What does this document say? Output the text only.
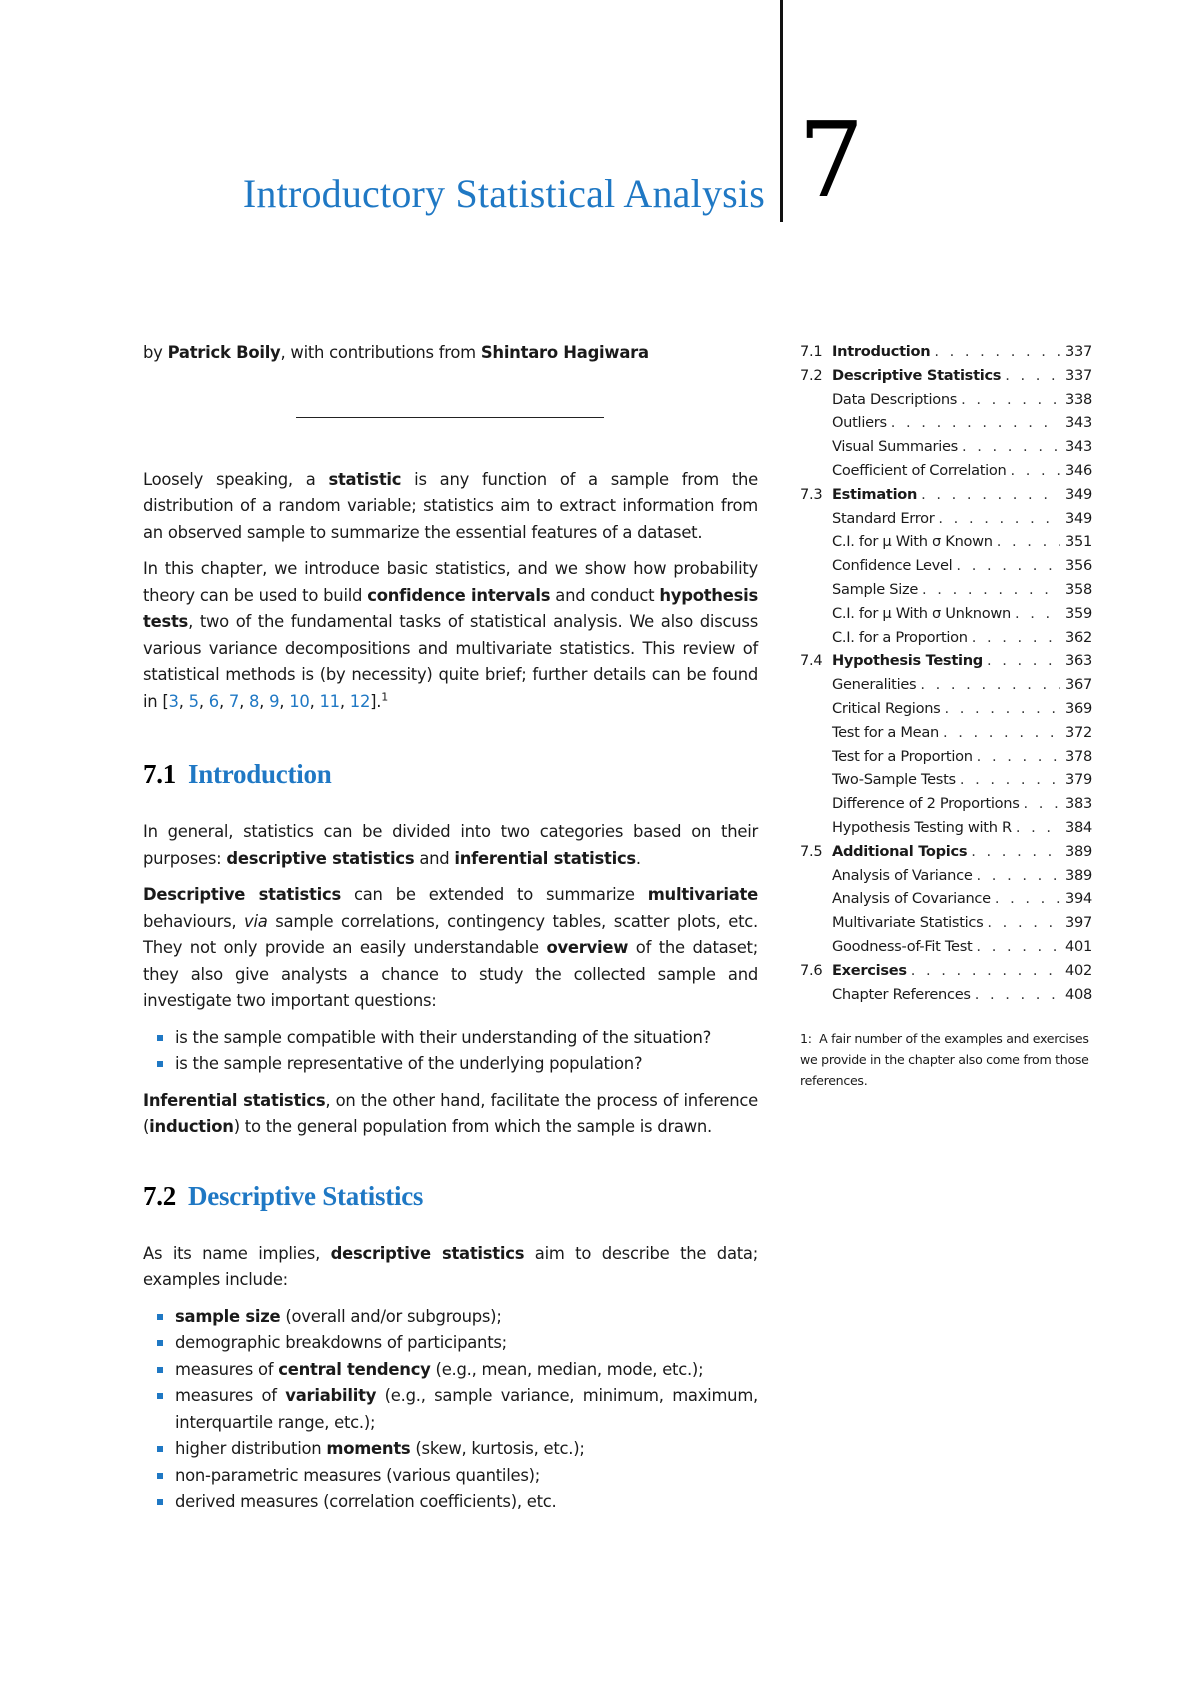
Introductory Statistical Analysis 7

by Patrick Boily, with contributions from Shintaro Hagiwara

Loosely speaking, a statistic is any function of a sample from the distribution of a random variable; statistics aim to extract information from an observed sample to summarize the essential features of a dataset.

In this chapter, we introduce basic statistics, and we show how probability theory can be used to build confidence intervals and conduct hypothesis tests, two of the fundamental tasks of statistical analysis. We also discuss various variance decompositions and multivariate statistics. This review of statistical methods is (by necessity) quite brief; further details can be found in [3, 5, 6, 7, 8, 9, 10, 11, 12].$^1$

7.1 Introduction

In general, statistics can be divided into two categories based on their purposes: descriptive statistics and inferential statistics.

Descriptive statistics can be extended to summarize multivariate behaviours, via sample correlations, contingency tables, scatter plots, etc. They not only provide an easily understandable overview of the dataset; they also give analysts a chance to study the collected sample and investigate two important questions:

is the sample compatible with their understanding of the situation?
is the sample representative of the underlying population?

Inferential statistics, on the other hand, facilitate the process of inference (induction) to the general population from which the sample is drawn.

7.2 Descriptive Statistics

As its name implies, descriptive statistics aim to describe the data; examples include:

sample size (overall and/or subgroups);
demographic breakdowns of participants;
measures of central tendency (e.g., mean, median, mode, etc.);
measures of variability (e.g., sample variance, minimum, maximum, interquartile range, etc.);
higher distribution moments (skew, kurtosis, etc.);
non-parametric measures (various quantiles);
derived measures (correlation coefficients), etc.
7.1 Introduction . . .	337
7.2 Descriptive Statistics . . .	337
Data Descriptions . . .	338
Outliers . . .	343
Visual Summaries . . .	343
Coefficient of Correlation . . .	346
7.3 Estimation . . .	349
Standard Error . . .	349
C.I. for μ With σ Known . . .	351
Confidence Level . . .	356
Sample Size . . .	358
C.I. for μ With σ Unknown . . .	359
C.I. for a Proportion . . .	362
7.4 Hypothesis Testing . . .	363
Generalities . . .	367
Critical Regions . . .	369
Test for a Mean . . .	372
Test for a Proportion . . .	378
Two-Sample Tests . . .	379
Difference of 2 Proportions . . .	383
Hypothesis Testing with R . . .	384
7.5 Additional Topics . . .	389
Analysis of Variance . . .	389
Analysis of Covariance . . .	394
Multivariate Statistics . . .	397
Goodness-of-Fit Test . . .	401
7.6 Exercises . . .	402
Chapter References . . .	408
1: A fair number of the examples and exercises we provide in the chapter also come from those references.
